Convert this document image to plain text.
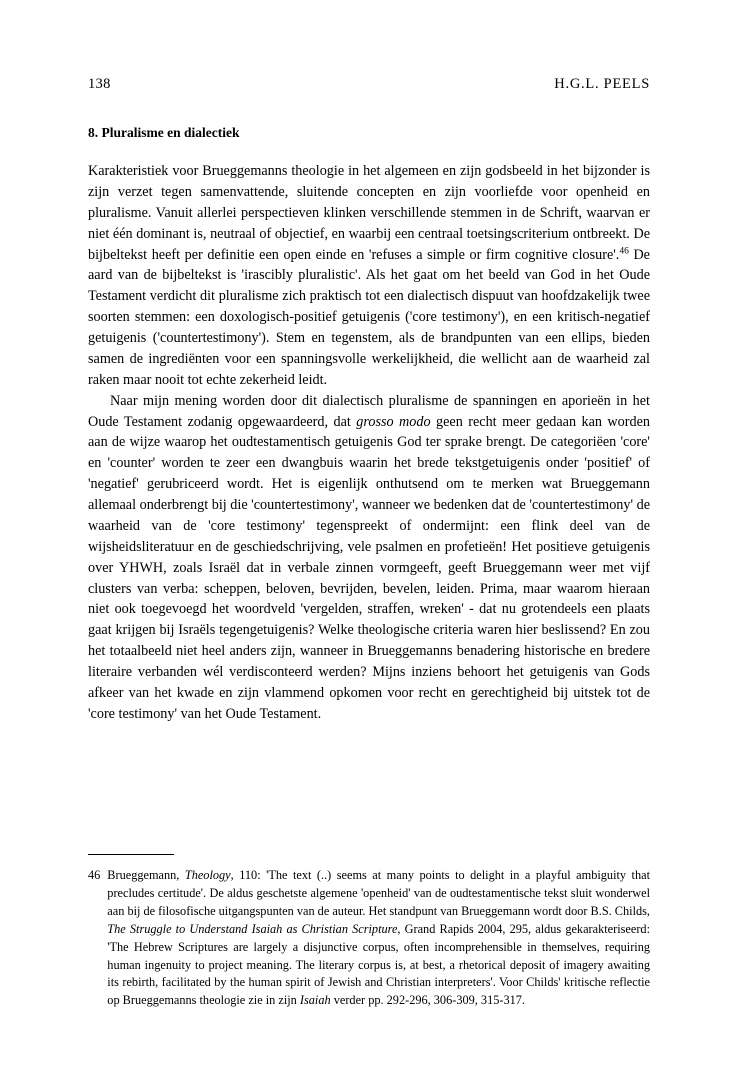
138	H.G.L. PEELS
8. Pluralisme en dialectiek

Karakteristiek voor Brueggemanns theologie in het algemeen en zijn godsbeeld in het bijzonder is zijn verzet tegen samenvattende, sluitende concepten en zijn voorliefde voor openheid en pluralisme. Vanuit allerlei perspectieven klinken verschillende stemmen in de Schrift, waarvan er niet één dominant is, neutraal of objectief, en waarbij een centraal toetsingscriterium ontbreekt. De bijbeltekst heeft per definitie een open einde en 'refuses a simple or firm cognitive closure'.$^{46}$ De aard van de bijbeltekst is 'irascibly pluralistic'. Als het gaat om het beeld van God in het Oude Testament verdicht dit pluralisme zich praktisch tot een dialectisch dispuut van hoofdzakelijk twee soorten stemmen: een doxologisch-positief getuigenis ('core testimony'), en een kritisch-negatief getuigenis ('countertestimony'). Stem en tegenstem, als de brandpunten van een ellips, bieden samen de ingrediënten voor een spanningsvolle werkelijkheid, die wellicht aan de waarheid zal raken maar nooit tot echte zekerheid leidt.

Naar mijn mening worden door dit dialectisch pluralisme de spanningen en aporieën in het Oude Testament zodanig opgewaardeerd, dat grosso modo geen recht meer gedaan kan worden aan de wijze waarop het oudtestamentisch getuigenis God ter sprake brengt. De categoriëen 'core' en 'counter' worden te zeer een dwangbuis waarin het brede tekstgetuigenis onder 'positief' of 'negatief' gerubriceerd wordt. Het is eigenlijk onthutsend om te merken wat Brueggemann allemaal onderbrengt bij die 'countertestimony', wanneer we bedenken dat de 'countertestimony' de waarheid van de 'core testimony' tegenspreekt of ondermijnt: een flink deel van de wijsheidsliteratuur en de geschiedschrijving, vele psalmen en profetieën! Het positieve getuigenis over YHWH, zoals Israël dat in verbale zinnen vormgeeft, geeft Brueggemann weer met vijf clusters van verba: scheppen, beloven, bevrijden, bevelen, leiden. Prima, maar waarom hieraan niet ook toegevoegd het woordveld 'vergelden, straffen, wreken' - dat nu grotendeels een plaats gaat krijgen bij Israëls tegengetuigenis? Welke theologische criteria waren hier beslissend? En zou het totaalbeeld niet heel anders zijn, wanneer in Brueggemanns benadering historische en bredere literaire verbanden wél verdisconteerd werden? Mijns inziens behoort het getuigenis van Gods afkeer van het kwade en zijn vlammend opkomen voor recht en gerechtigheid bij uitstek tot de 'core testimony' van het Oude Testament.

46 Brueggemann, Theology, 110: 'The text (..) seems at many points to delight in a playful ambiguity that precludes certitude'. De aldus geschetste algemene 'openheid' van de oudtestamentische tekst sluit wonderwel aan bij de filosofische uitgangspunten van de auteur. Het standpunt van Brueggemann wordt door B.S. Childs, The Struggle to Understand Isaiah as Christian Scripture, Grand Rapids 2004, 295, aldus gekarakteriseerd: 'The Hebrew Scriptures are largely a disjunctive corpus, often incomprehensible in themselves, requiring human ingenuity to project meaning. The literary corpus is, at best, a rhetorical deposit of imagery awaiting its rebirth, facilitated by the human spirit of Jewish and Christian interpreters'. Voor Childs' kritische reflectie op Brueggemanns theologie zie in zijn Isaiah verder pp. 292-296, 306-309, 315-317.
